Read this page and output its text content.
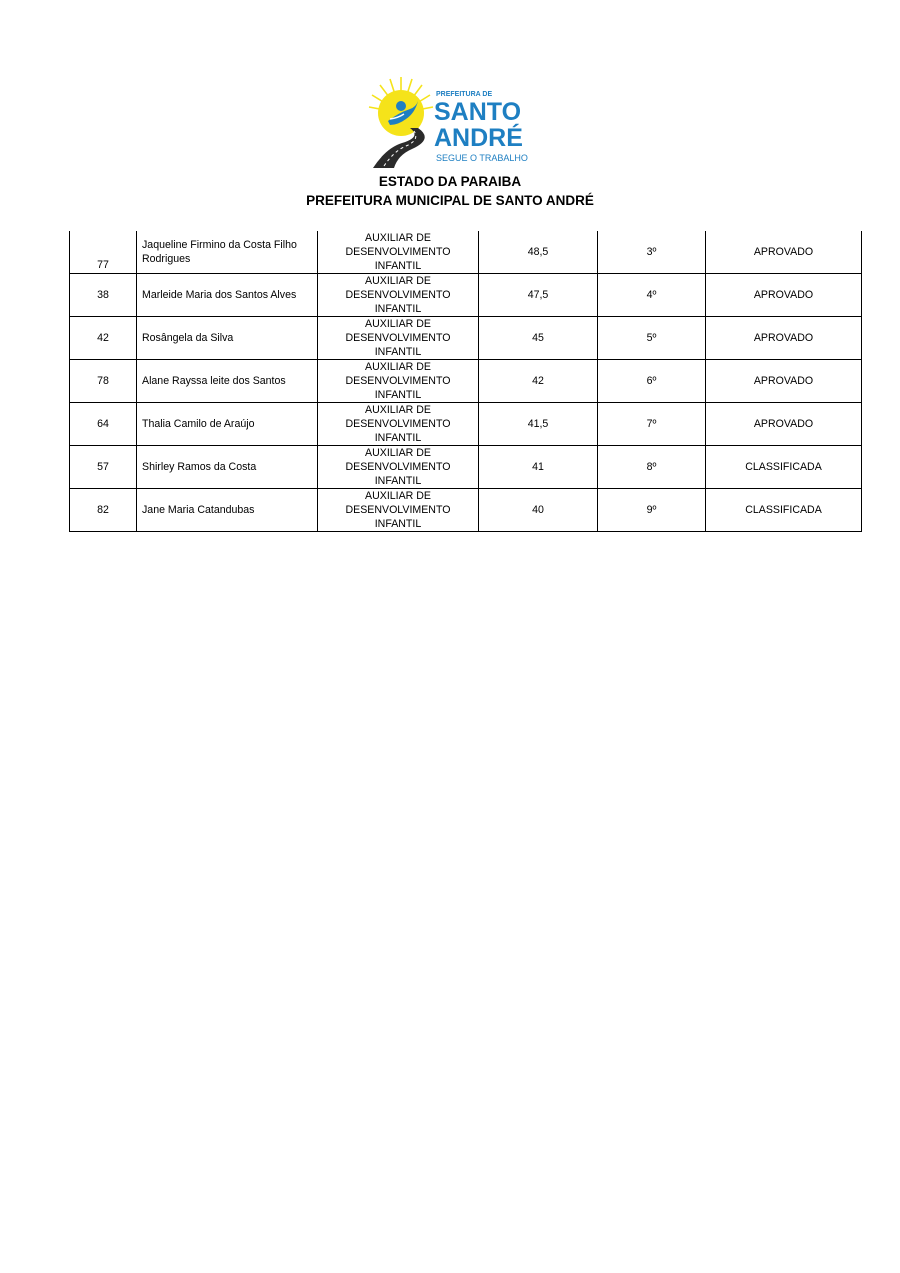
PREFEITURA DE
SANTO
ANDRÉ
SEGUE O TRABALHO
ESTADO DA PARAIBA
PREFEITURA MUNICIPAL DE SANTO ANDRÉ
77	Jaqueline Firmino da Costa Filho Rodrigues	AUXILIAR DE DESENVOLVIMENTO INFANTIL	48,5	3º	APROVADO
38	Marleide Maria dos Santos Alves	AUXILIAR DE DESENVOLVIMENTO INFANTIL	47,5	4º	APROVADO
42	Rosângela da Silva	AUXILIAR DE DESENVOLVIMENTO INFANTIL	45	5º	APROVADO
78	Alane Rayssa leite dos Santos	AUXILIAR DE DESENVOLVIMENTO INFANTIL	42	6º	APROVADO
64	Thalia Camilo de Araújo	AUXILIAR DE DESENVOLVIMENTO INFANTIL	41,5	7º	APROVADO
57	Shirley Ramos da Costa	AUXILIAR DE DESENVOLVIMENTO INFANTIL	41	8º	CLASSIFICADA
82	Jane Maria Catandubas	AUXILIAR DE DESENVOLVIMENTO INFANTIL	40	9º	CLASSIFICADA
